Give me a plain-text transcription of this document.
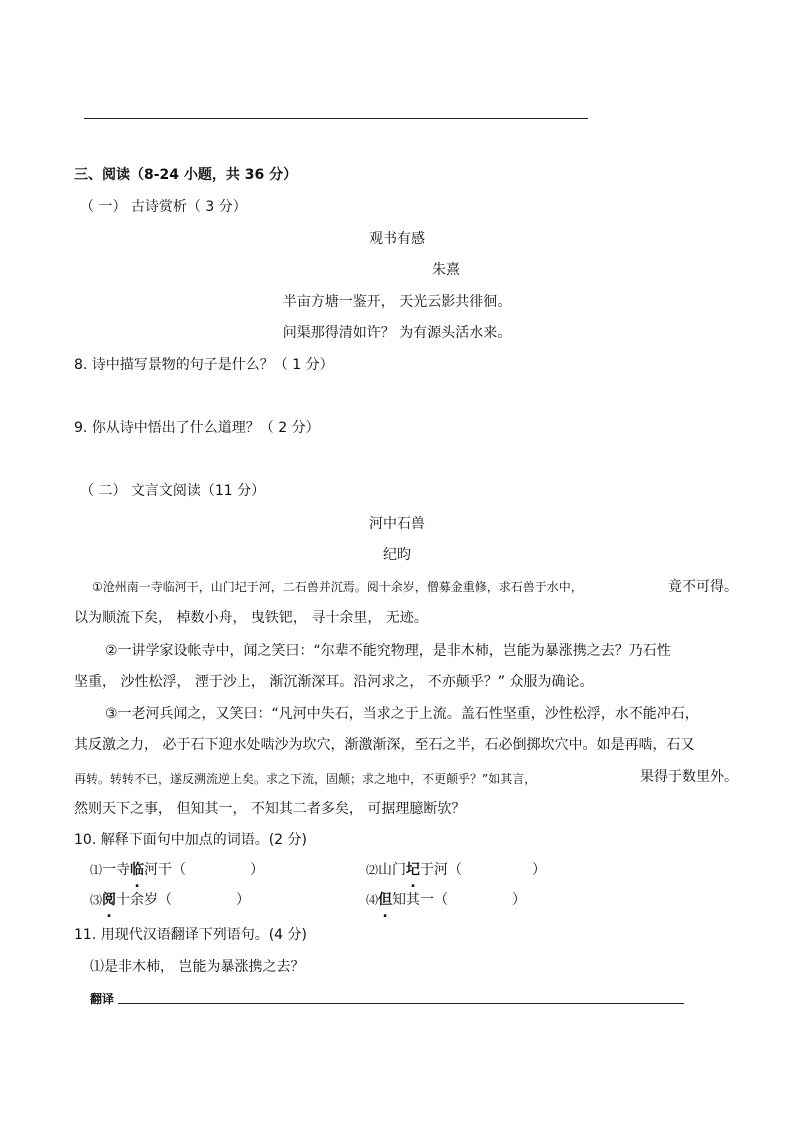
三、阅读（8-24 小题，共 36 分）
（ 一） 古诗赏析（ 3 分）
观书有感
朱熹
半亩方塘一鉴开， 天光云影共徘徊。
问渠那得清如许？ 为有源头活水来。
8. 诗中描写景物的句子是什么？（ 1 分）
9. 你从诗中悟出了什么道理？（ 2 分）
（ 二） 文言文阅读（11 分）
河中石兽
纪昀
①沧州南一寺临河干，山门圮于河，二石兽并沉焉。阅十余岁，僧募金重修，求石兽于水中，	竟不可得。
以为顺流下矣， 棹数小舟， 曳铁钯， 寻十余里， 无迹。
②一讲学家设帐寺中，闻之笑曰：“尔辈不能究物理，是非木杮，岂能为暴涨携之去？乃石性
坚重， 沙性松浮， 湮于沙上， 渐沉渐深耳。沿河求之， 不亦颠乎？” 众服为确论。
③一老河兵闻之，又笑曰：“凡河中失石，当求之于上流。盖石性坚重，沙性松浮，水不能冲石，
其反激之力， 必于石下迎水处啮沙为坎穴，渐激渐深，至石之半，石必倒掷坎穴中。如是再啮，石又
再转。转转不已，遂反溯流逆上矣。求之下流，固颠；求之地中，不更颠乎？”如其言，	果得于数里外。
然则天下之事， 但知其一， 不知其二者多矣， 可据理臆断欤？
10. 解释下面句中加点的词语。(2 分)
⑴一寺临河干（	）	⑵山门圮于河（	）
⑶阅十余岁（	）	⑷但知其一（	）
11. 用现代汉语翻译下列语句。(4 分)
⑴是非木杮， 岂能为暴涨携之去？
翻译
